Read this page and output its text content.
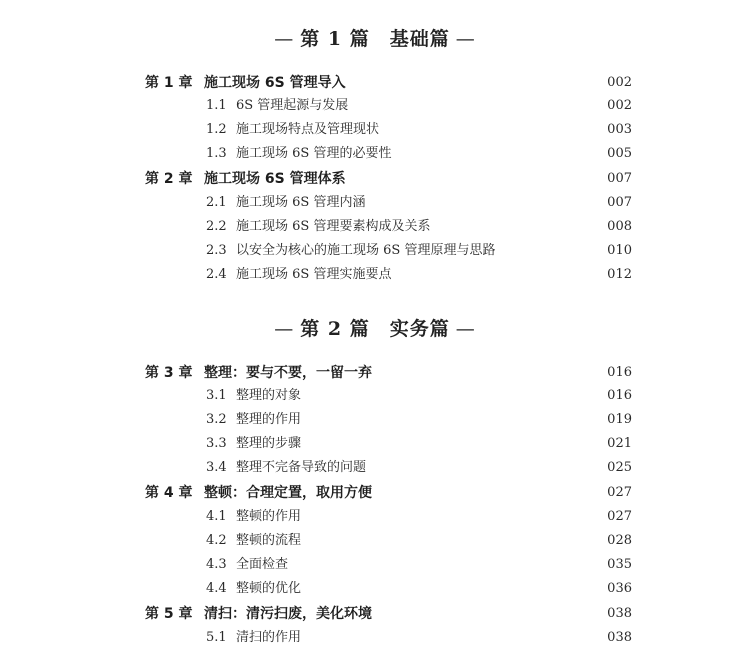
— 第 1 篇　基础篇 —
第 1 章 施工现场 6S 管理导入	002
1.1 6S 管理起源与发展	002
1.2 施工现场特点及管理现状	003
1.3 施工现场 6S 管理的必要性	005
第 2 章 施工现场 6S 管理体系	007
2.1 施工现场 6S 管理内涵	007
2.2 施工现场 6S 管理要素构成及关系	008
2.3 以安全为核心的施工现场 6S 管理原理与思路	010
2.4 施工现场 6S 管理实施要点	012
— 第 2 篇　实务篇 —
第 3 章 整理：要与不要，一留一弃	016
3.1 整理的对象	016
3.2 整理的作用	019
3.3 整理的步骤	021
3.4 整理不完备导致的问题	025
第 4 章 整顿：合理定置，取用方便	027
4.1 整顿的作用	027
4.2 整顿的流程	028
4.3 全面检查	035
4.4 整顿的优化	036
第 5 章 清扫：清污扫废，美化环境	038
5.1 清扫的作用	038
